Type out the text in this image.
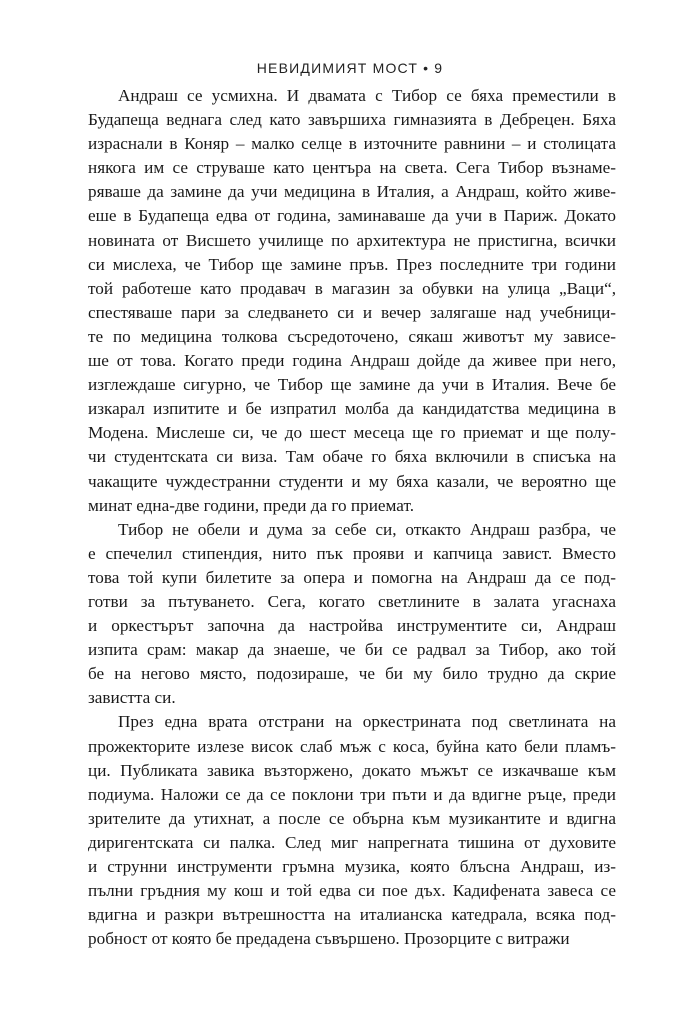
НЕВИДИМИЯТ МОСТ • 9

Андраш се усмихна. И двамата с Тибор се бяха преместили в
Будапеща веднага след като завършиха гимназията в Дебрецен. Бяха
израснали в Коняр – малко селце в източните равнини – и столицата
някога им се струваше като центъра на света. Сега Тибор възнаме-
ряваше да замине да учи медицина в Италия, а Андраш, който живе-
еше в Будапеща едва от година, заминаваше да учи в Париж. Докато
новината от Висшето училище по архитектура не пристигна, всички
си мислеха, че Тибор ще замине пръв. През последните три години
той работеше като продавач в магазин за обувки на улица „Ваци“,
спестяваше пари за следването си и вечер залягаше над учебници-
те по медицина толкова съсредоточено, сякаш животът му зависе-
ше от това. Когато преди година Андраш дойде да живее при него,
изглеждаше сигурно, че Тибор ще замине да учи в Италия. Вече бе
изкарал изпитите и бе изпратил молба да кандидатства медицина в
Модена. Мислеше си, че до шест месеца ще го приемат и ще полу-
чи студентската си виза. Там обаче го бяха включили в списъка на
чакащите чуждестранни студенти и му бяха казали, че вероятно ще
минат една-две години, преди да го приемат.

Тибор не обели и дума за себе си, откакто Андраш разбра, че
е спечелил стипендия, нито пък прояви и капчица завист. Вместо
това той купи билетите за опера и помогна на Андраш да се под-
готви за пътуването. Сега, когато светлините в залата угаснаха
и оркестърът започна да настройва инструментите си, Андраш
изпита срам: макар да знаеше, че би се радвал за Тибор, ако той
бе на негово място, подозираше, че би му било трудно да скрие
завистта си.

През една врата отстрани на оркестрината под светлината на
прожекторите излезе висок слаб мъж с коса, буйна като бели пламъ-
ци. Публиката завика възторжено, докато мъжът се изкачваше към
подиума. Наложи се да се поклони три пъти и да вдигне ръце, преди
зрителите да утихнат, а после се обърна към музикантите и вдигна
диригентската си палка. След миг напрегната тишина от духовите
и струнни инструменти гръмна музика, която блъсна Андраш, из-
пълни гръдния му кош и той едва си пое дъх. Кадифената завеса се
вдигна и разкри вътрешността на италианска катедрала, всяка под-
робност от която бе предадена съвършено. Прозорците с витражи
